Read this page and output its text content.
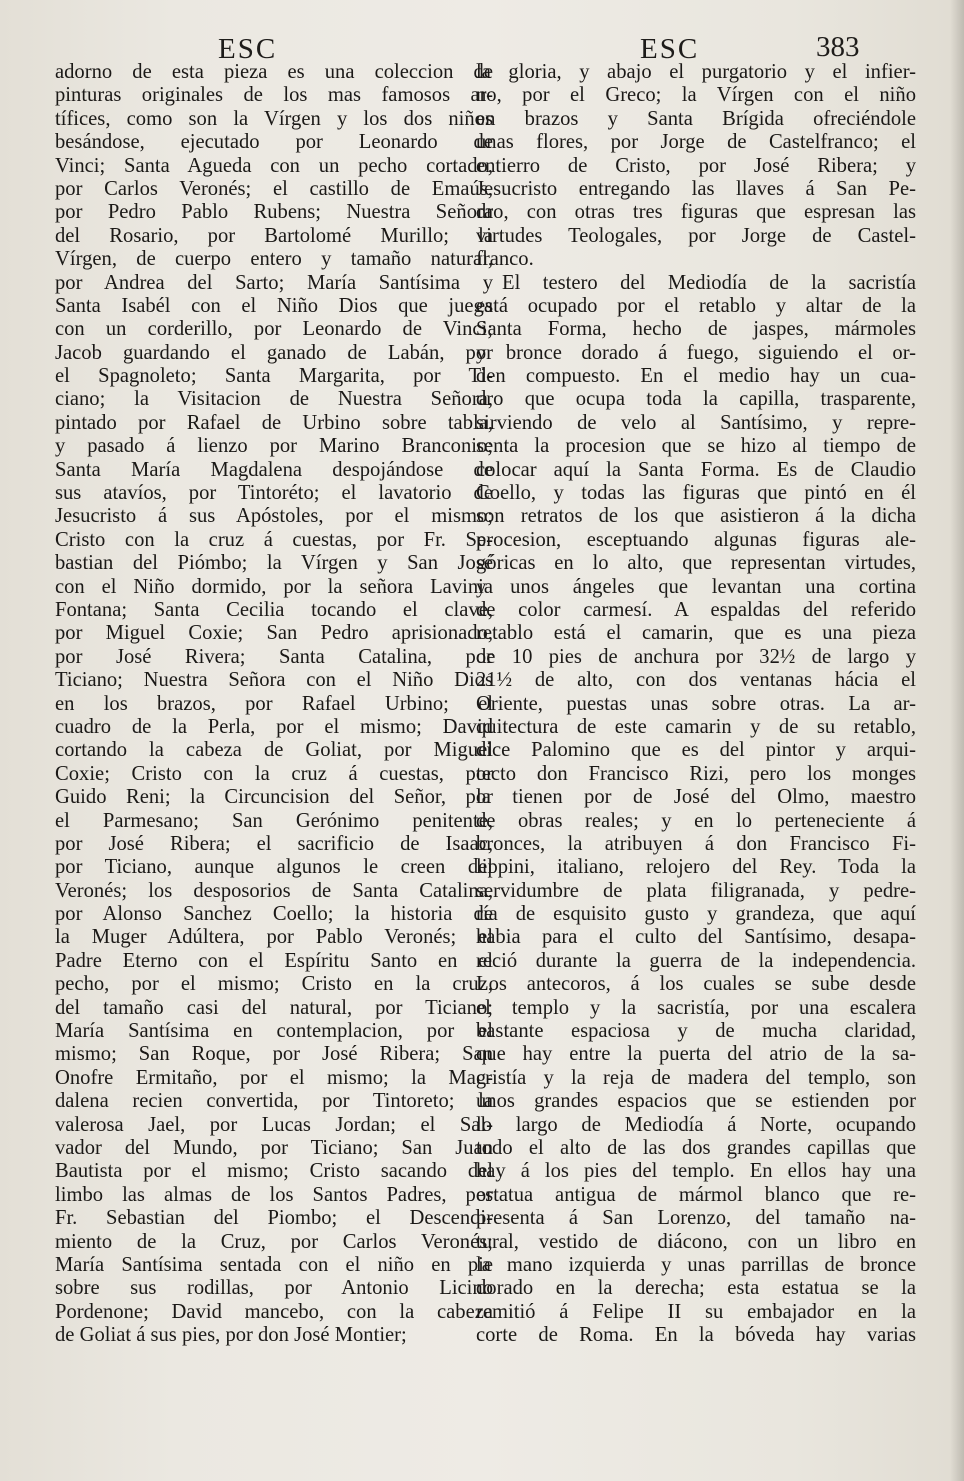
ESC	ESC	383
adorno de esta pieza es una coleccion de
pinturas originales de los mas famosos ar-
tífices, como son la Vírgen y los dos niños
besándose, ejecutado por Leonardo de
Vinci; Santa Agueda con un pecho cortado,
por Carlos Veronés; el castillo de Emaús,
por Pedro Pablo Rubens; Nuestra Señora
del Rosario, por Bartolomé Murillo; la
Vírgen, de cuerpo entero y tamaño natural,
por Andrea del Sarto; María Santísima y
Santa Isabél con el Niño Dios que juega
con un corderillo, por Leonardo de Vinci;
Jacob guardando el ganado de Labán, por
el Spagnoleto; Santa Margarita, por Ti-
ciano; la Visitacion de Nuestra Señora,
pintado por Rafael de Urbino sobre tabla,
y pasado á lienzo por Marino Branconio;
Santa María Magdalena despojándose de
sus atavíos, por Tintoréto; el lavatorio de
Jesucristo á sus Apóstoles, por el mismo;
Cristo con la cruz á cuestas, por Fr. Se-
bastian del Piómbo; la Vírgen y San José
con el Niño dormido, por la señora Lavinia
Fontana; Santa Cecilia tocando el clave,
por Miguel Coxie; San Pedro aprisionado,
por José Rivera; Santa Catalina, por
Ticiano; Nuestra Señora con el Niño Dios
en los brazos, por Rafael Urbino; el
cuadro de la Perla, por el mismo; David
cortando la cabeza de Goliat, por Miguel
Coxie; Cristo con la cruz á cuestas, por
Guido Reni; la Circuncision del Señor, por
el Parmesano; San Gerónimo penitente,
por José Ribera; el sacrificio de Isaac,
por Ticiano, aunque algunos le creen del
Veronés; los desposorios de Santa Catalina,
por Alonso Sanchez Coello; la historia de
la Muger Adúltera, por Pablo Veronés; el
Padre Eterno con el Espíritu Santo en el
pecho, por el mismo; Cristo en la cruz,
del tamaño casi del natural, por Ticiano;
María Santísima en contemplacion, por el
mismo; San Roque, por José Ribera; San
Onofre Ermitaño, por el mismo; la Mag-
dalena recien convertida, por Tintoreto; la
valerosa Jael, por Lucas Jordan; el Sal-
vador del Mundo, por Ticiano; San Juan
Bautista por el mismo; Cristo sacando del
limbo las almas de los Santos Padres, por
Fr. Sebastian del Piombo; el Descendi-
miento de la Cruz, por Carlos Veronés;
María Santísima sentada con el niño en pie
sobre sus rodillas, por Antonio Licino
Pordenone; David mancebo, con la cabeza
de Goliat á sus pies, por don José Montier;
la gloria, y abajo el purgatorio y el infier-
no, por el Greco; la Vírgen con el niño
en brazos y Santa Brígida ofreciéndole
unas flores, por Jorge de Castelfranco; el
entierro de Cristo, por José Ribera; y
Jesucristo entregando las llaves á San Pe-
dro, con otras tres figuras que espresan las
virtudes Teologales, por Jorge de Castel-
franco.
El testero del Mediodía de la sacristía
está ocupado por el retablo y altar de la
Santa Forma, hecho de jaspes, mármoles
y bronce dorado á fuego, siguiendo el or-
den compuesto. En el medio hay un cua-
dro que ocupa toda la capilla, trasparente,
sirviendo de velo al Santísimo, y repre-
senta la procesion que se hizo al tiempo de
colocar aquí la Santa Forma. Es de Claudio
Coello, y todas las figuras que pintó en él
son retratos de los que asistieron á la dicha
procesion, esceptuando algunas figuras ale-
góricas en lo alto, que representan virtudes,
y unos ángeles que levantan una cortina
de color carmesí. A espaldas del referido
retablo está el camarin, que es una pieza
de 10 pies de anchura por 32½ de largo y
21½ de alto, con dos ventanas hácia el
Oriente, puestas unas sobre otras. La ar-
quitectura de este camarin y de su retablo,
dice Palomino que es del pintor y arqui-
tecto don Francisco Rizi, pero los monges
la tienen por de José del Olmo, maestro
de obras reales; y en lo perteneciente á
bronces, la atribuyen á don Francisco Fi-
lippini, italiano, relojero del Rey. Toda la
servidumbre de plata filigranada, y pedre-
ría de esquisito gusto y grandeza, que aquí
habia para el culto del Santísimo, desapa-
reció durante la guerra de la independencia.
Los antecoros, á los cuales se sube desde
el templo y la sacristía, por una escalera
bastante espaciosa y de mucha claridad,
que hay entre la puerta del atrio de la sa-
cristía y la reja de madera del templo, son
unos grandes espacios que se estienden por
lo largo de Mediodía á Norte, ocupando
todo el alto de las dos grandes capillas que
hay á los pies del templo. En ellos hay una
estatua antigua de mármol blanco que re-
presenta á San Lorenzo, del tamaño na-
tural, vestido de diácono, con un libro en
la mano izquierda y unas parrillas de bronce
dorado en la derecha; esta estatua se la
remitió á Felipe II su embajador en la
corte de Roma. En la bóveda hay varias
